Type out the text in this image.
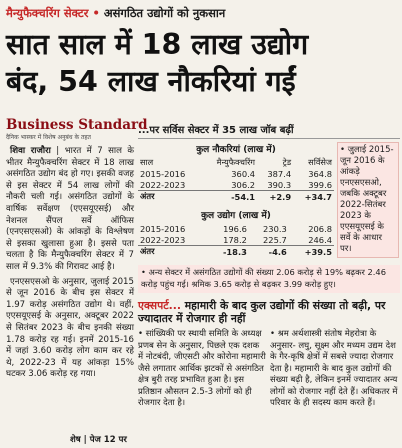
मैन्युफैक्चरिंग सेक्टर • असंगठित उद्योगों को नुकसान
सात साल में 18 लाख उद्योग
बंद, 54 लाख नौकरियां गईं
Business Standard
दैनिक भास्कर में विशेष अनुबंध के तहत
...पर सर्विस सेक्टर में 35 लाख जॉब बढ़ीं

शिवा राजौरा | भारत में 7 साल के भीतर मैन्युफैक्चरिंग सेक्टर में 18 लाख असंगठित उद्योग बंद हो गए। इसकी वजह से इस सेक्टर में 54 लाख लोगों की नौकरी चली गई। असंगठित उद्योगों के वार्षिक सर्वेक्षण (एएसयूएसई) और नेशनल सैंपल सर्वे ऑफिस (एनएसएसओ) के आंकड़ों के विश्लेषण से इसका खुलासा हुआ है। इससे पता चलता है कि मैन्युफैक्चरिंग सेक्टर में 7 साल में 9.3% की गिरावट आई है।

एनएसएसओ के अनुसार, जुलाई 2015 से जून 2016 के बीच इस सेक्टर में 1.97 करोड़ असंगठित उद्योग थे। वहीं, एएसयूएसई के अनुसार, अक्टूबर 2022 से सितंबर 2023 के बीच इनकी संख्या 1.78 करोड़ रह गई। इनमें 2015-16 में जहां 3.60 करोड़ लोग काम कर रहे थे, 2022-23 में यह आंकड़ा 15% घटकर 3.06 करोड़ रह गया।

शेष | पेज 12 पर
कुल नौकरियां (लाख में)
साल	मैन्युफैक्चरिंग	ट्रेड	सर्विसेज
2015-2016	360.4	387.4	364.8
2022-2023	306.2	390.3	399.6
अंतर	-54.1	+2.9	+34.7
कुल उद्योग (लाख में)
2015-2016	196.6	230.3	206.8
2022-2023	178.2	225.7	246.4
अंतर	-18.3	-4.6	+39.5
• जुलाई 2015-जून 2016 के आंकड़े एनएसएसओ, जबकि अक्टूबर 2022-सितंबर 2023 के एएसयूएसई के सर्वे के आधार पर।
• अन्य सेक्टर में असंगठित उद्योगों की संख्या 2.06 करोड़ से 19% बढ़कर 2.46 करोड़ पहुंच गई। श्रमिक 3.65 करोड़ से बढ़कर 3.99 करोड़ हुए।
एक्सपर्ट... महामारी के बाद कुल उद्योगों की संख्या तो बढ़ी, पर ज्यादातर में रोजगार ही नहीं

• सांख्यिकी पर स्थायी समिति के अध्यक्ष प्रणब सेन के अनुसार, पिछले एक दशक में नोटबंदी, जीएसटी और कोरोना महामारी जैसे लगातार आर्थिक झटकों से असंगठित क्षेत्र बुरी तरह प्रभावित हुआ है। इस प्रतिष्ठान औसतन 2.5-3 लोगों को ही रोजगार देता है।

• श्रम अर्थशास्त्री संतोष मेहरोत्रा के अनुसार- लघु, सूक्ष्म और मध्यम उद्यम देश के गैर-कृषि क्षेत्रों में सबसे ज्यादा रोजगार देता है। महामारी के बाद कुल उद्योगों की संख्या बढ़ी है, लेकिन इनमें ज्यादातर अन्य लोगों को रोजगार नहीं देते हैं। अधिकतर में परिवार के ही सदस्य काम करते हैं।
